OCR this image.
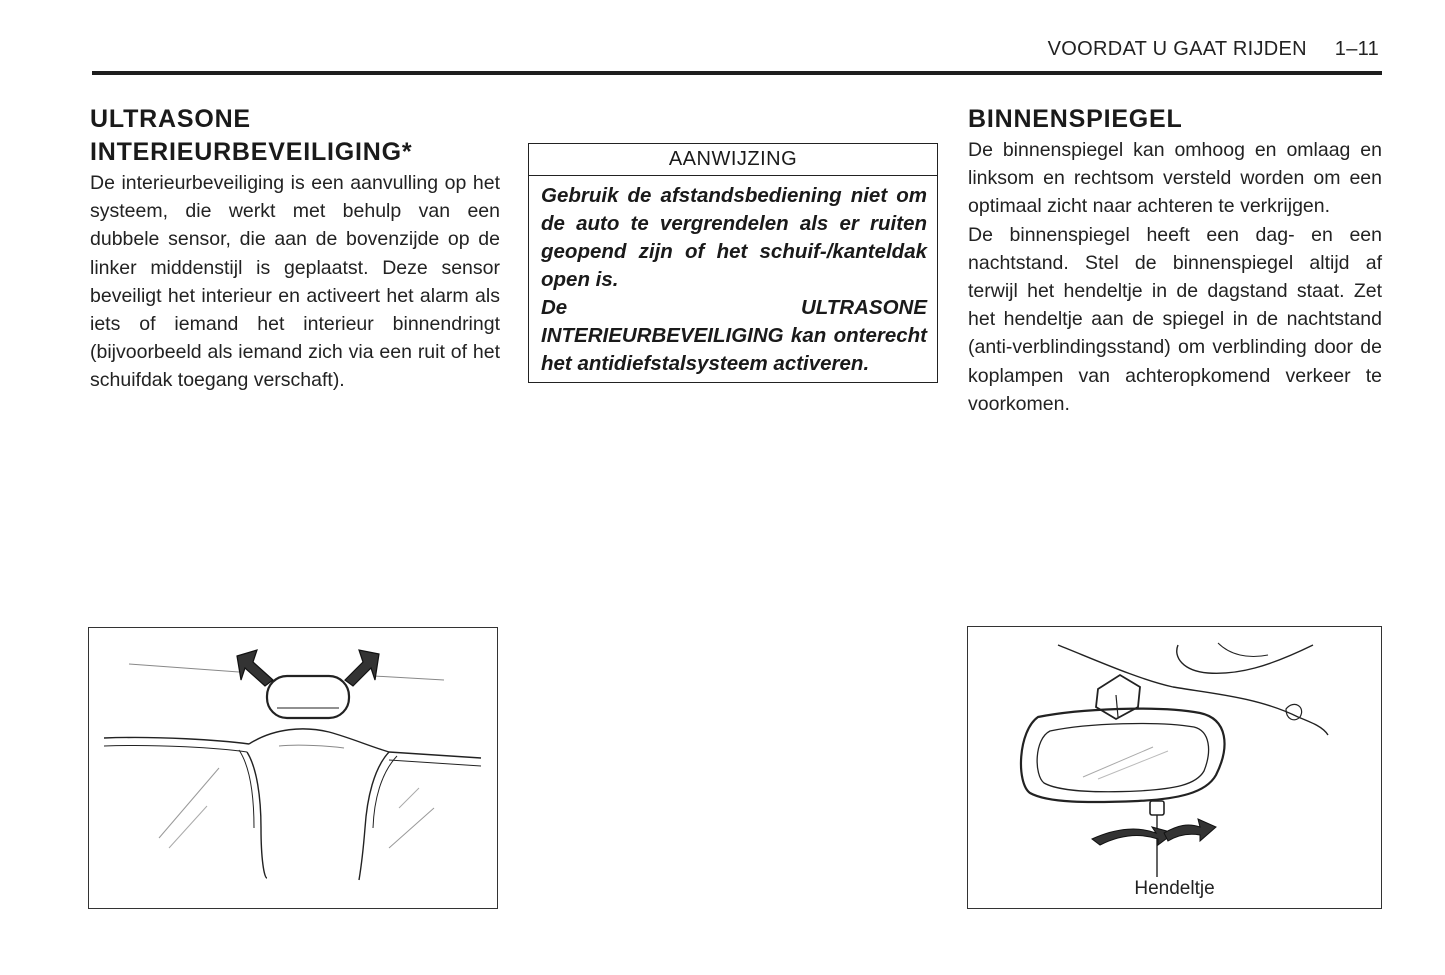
VOORDAT U GAAT RIJDEN 1–11
ULTRASONE
INTERIEURBEVEILIGING*

De interieurbeveiliging is een aanvulling op het systeem, die werkt met behulp van een dubbele sensor, die aan de bovenzijde op de linker middenstijl is geplaatst. Deze sensor beveiligt het interieur en activeert het alarm als iets of iemand het interieur binnendringt (bijvoorbeeld als iemand zich via een ruit of het schuifdak toegang verschaft).

AANWIJZING

Gebruik de afstandsbediening niet om de auto te vergrendelen als er ruiten geopend zijn of het schuif-/kanteldak open is.

De ULTRASONE INTERIEURBEVEILIGING kan onterecht het antidiefstalsysteem activeren.

BINNENSPIEGEL

De binnenspiegel kan omhoog en omlaag en linksom en rechtsom versteld worden om een optimaal zicht naar achteren te verkrijgen.

De binnenspiegel heeft een dag- en een nachtstand. Stel de binnenspiegel altijd af terwijl het hendeltje in de dagstand staat. Zet het hendeltje aan de spiegel in de nachtstand (anti-verblindingsstand) om verblinding door de koplampen van achteropkomend verkeer te voorkomen.

Hendeltje
